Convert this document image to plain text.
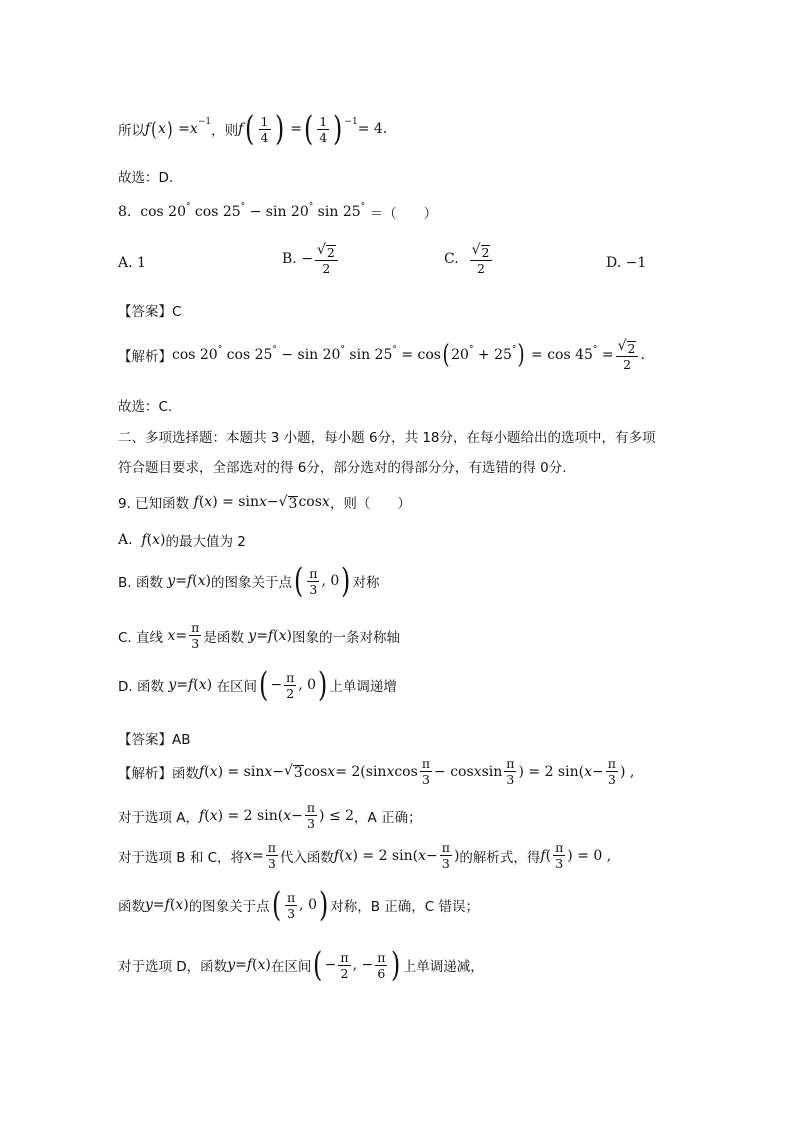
所以 f ( x ) = x −1
，则 f ( $\frac{1}{4}$ ) = ( $\frac{1}{4}$ ) −1 = 4.
故选：D.
8. cos 20° cos 25° − sin 20° sin 25° ＝（　　）
A. 1	B. − $\frac{√ 2}{2}$	C.
$\frac{√ 2}{2}$	D. −1
【答案】C
【解析】 cos 20° cos 25° − sin 20° sin 25° = cos ( 20° + 25° ) = $\cos 45^\circ = \frac{√ 2}{2}$ .
故选：C.
二、多项选择题：本题共 3 小题，每小题 6分，共 18分，在每小题给出的选项中，有多项
符合题目要求，全部选对的得 6分，部分选对的得部分分，有选错的得 0分.
9. 已知函数 f ( x ) = sin x − √ 3 cos x ，则（　　）
A. f ( x ) 的最大值为 2
B. 函数 y = f ( x ) 的图象关于点 ( $\frac{\pi}{3}$ , 0 ) 对称
C. 直线 $x = \frac{\pi}{3}$ 是函数 y = f ( x ) 图象的一条对称轴
D. 函数 y = f ( x ) 在区间 ( − $\frac{\pi}{2}$ , 0 ) 上单调递增
【答案】AB
【解析】函数 f ( x ) = sin x − √ 3 cos x = 2(sin x $\cos \frac{\pi}{3} - \cos x$ $\sin \frac{\pi}{3}$ ) = 2 sin( $x - \frac{\pi}{3}$ ) ,
对于选项 A， f ( x ) = 2 sin( $x - \frac{\pi}{3}$ ) ≤ 2 ，A 正确；
对于选项 B 和 C，将 $x = \frac{\pi}{3}$ 代入函数 f ( x ) = 2 sin( $x - \frac{\pi}{3}$ ) 的解析式，得 f ( $\frac{\pi}{3}$ ) = 0 ,
函数 y = f ( x ) 的图象关于点 ( $\frac{\pi}{3}$ , 0 ) 对称，B 正确，C 错误；
对于选项 D，函数 y = f ( x ) 在区间 ( − $\frac{\pi}{2}$ , − $\frac{\pi}{6}$ ) 上单调递减，
